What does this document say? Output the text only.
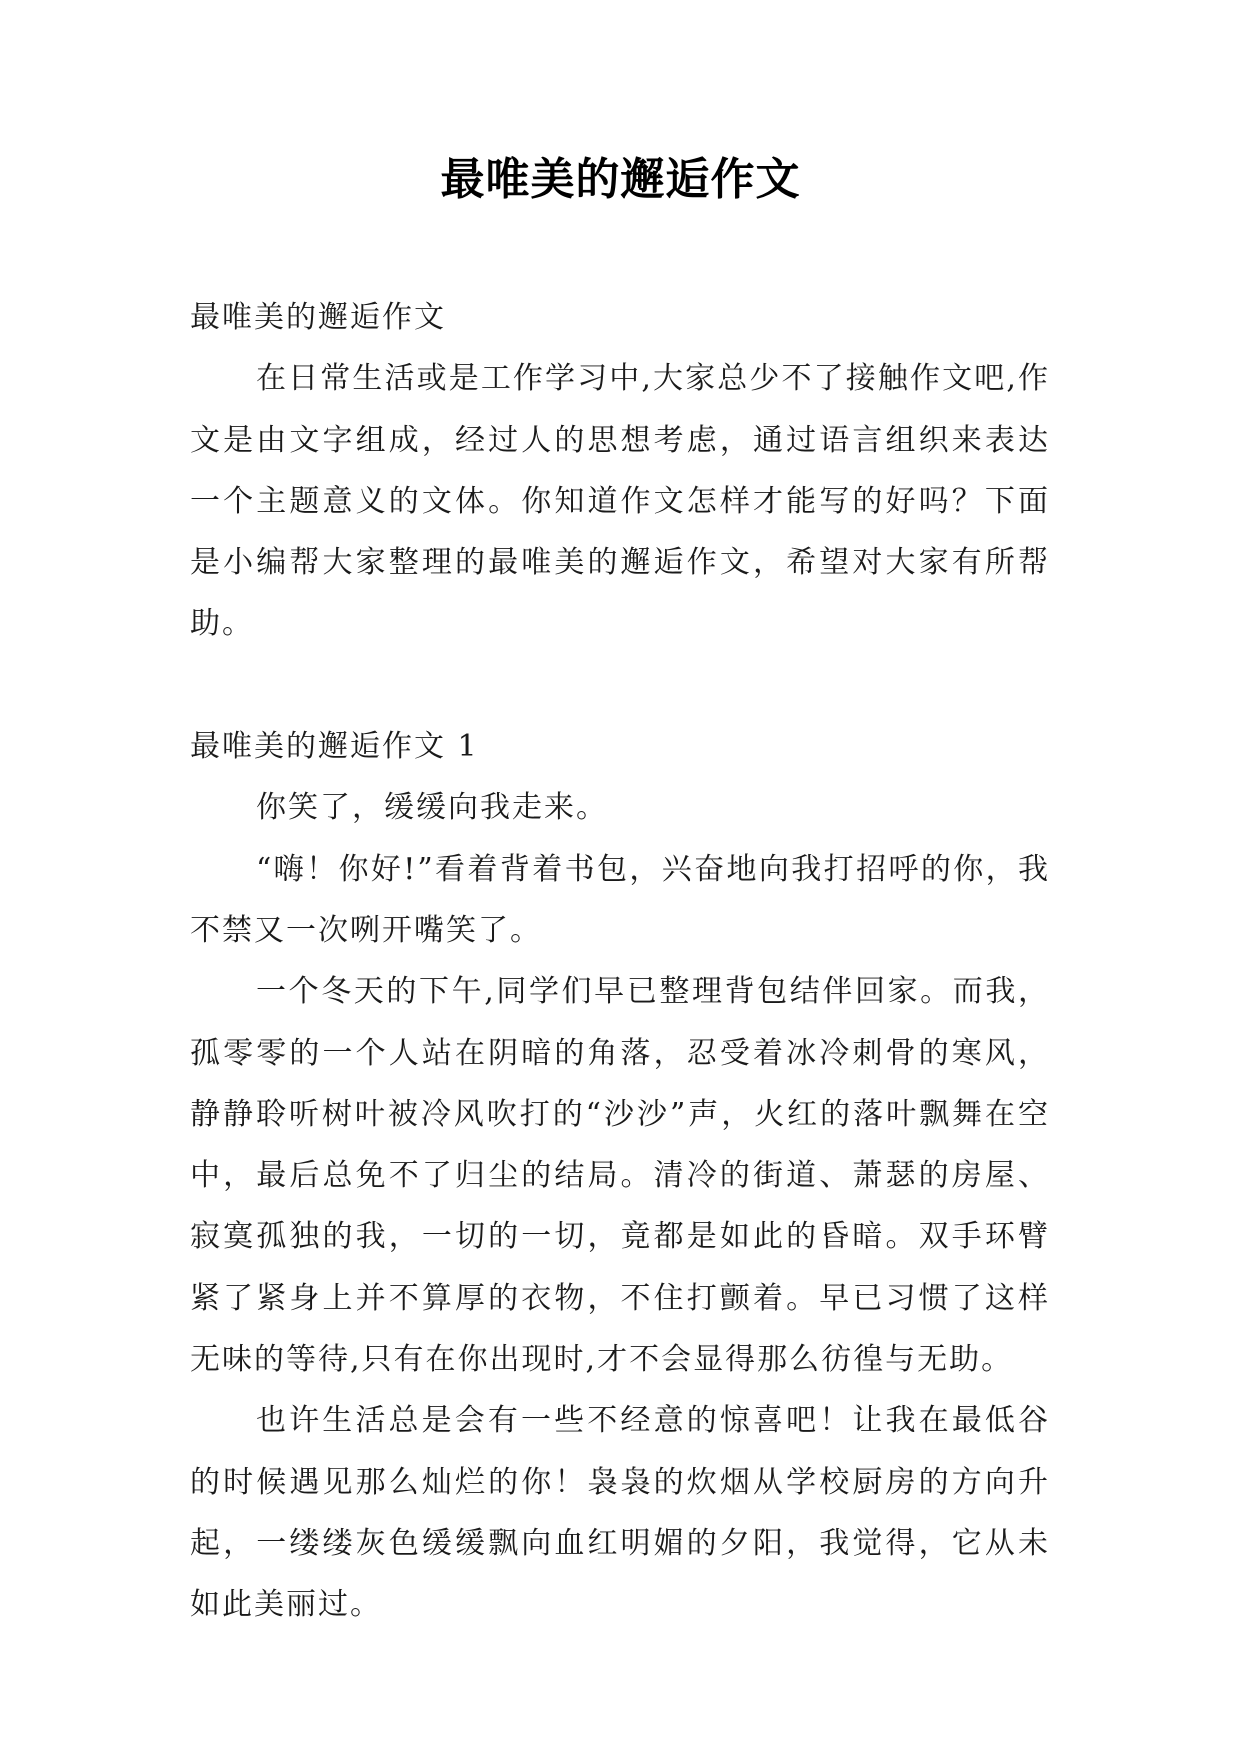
最唯美的邂逅作文

最唯美的邂逅作文

在日常生活或是工作学习中,大家总少不了接触作文吧,作文是由文字组成，经过人的思想考虑，通过语言组织来表达一个主题意义的文体。你知道作文怎样才能写的好吗？下面是小编帮大家整理的最唯美的邂逅作文，希望对大家有所帮助。

最唯美的邂逅作文 1

你笑了，缓缓向我走来。

“嗨！你好!”看着背着书包，兴奋地向我打招呼的你，我不禁又一次咧开嘴笑了。

一个冬天的下午,同学们早已整理背包结伴回家。而我，孤零零的一个人站在阴暗的角落，忍受着冰冷刺骨的寒风，静静聆听树叶被冷风吹打的“沙沙”声，火红的落叶飘舞在空中，最后总免不了归尘的结局。清冷的街道、萧瑟的房屋、寂寞孤独的我，一切的一切，竟都是如此的昏暗。双手环臂紧了紧身上并不算厚的衣物，不住打颤着。早已习惯了这样无味的等待,只有在你出现时,才不会显得那么彷徨与无助。

也许生活总是会有一些不经意的惊喜吧！让我在最低谷的时候遇见那么灿烂的你！袅袅的炊烟从学校厨房的方向升起，一缕缕灰色缓缓飘向血红明媚的夕阳，我觉得，它从未如此美丽过。
